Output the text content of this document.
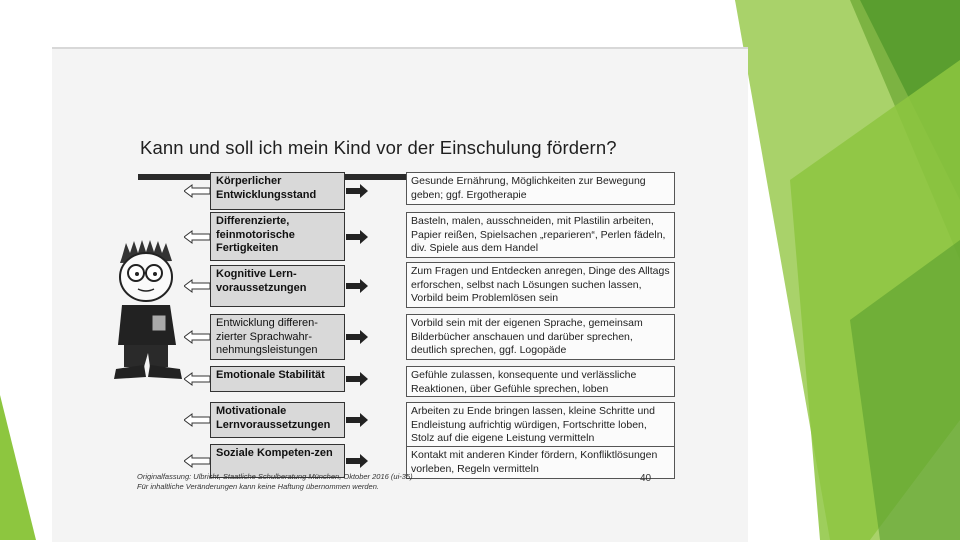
Kann und soll ich mein Kind vor der Einschulung fördern?
Körperlicher Entwicklungsstand
Gesunde Ernährung, Möglichkeiten zur Bewegung geben; ggf. Ergotherapie
Differenzierte, feinmotorische Fertigkeiten
Basteln, malen, ausschneiden, mit Plastilin arbeiten, Papier reißen, Spielsachen „reparieren“, Perlen fädeln, div. Spiele aus dem Handel
Kognitive Lern-voraussetzungen
Zum Fragen und Entdecken anregen, Dinge des Alltags erforschen, selbst nach Lösungen suchen lassen, Vorbild beim Problemlösen sein
Entwicklung differen-zierter Sprachwahr-nehmungsleistungen
Vorbild sein mit der eigenen Sprache, gemeinsam Bilderbücher anschauen und darüber sprechen, deutlich sprechen, ggf. Logopäde
Emotionale Stabilität	Gefühle zulassen, konsequente und verlässliche Reaktionen, über Gefühle sprechen, loben
Motivationale Lernvoraussetzungen
Arbeiten zu Ende bringen lassen, kleine Schritte und Endleistung aufrichtig würdigen, Fortschritte loben, Stolz auf die eigene Leistung vermitteln
Soziale Kompeten-zen	Kontakt mit anderen Kinder fördern, Konfliktlösungen vorleben, Regeln vermitteln
Originalfassung: Ulbricht, Staatliche Schulberatung München, Oktober 2016 (ui-35)
Für inhaltliche Veränderungen kann keine Haftung übernommen werden.
40
